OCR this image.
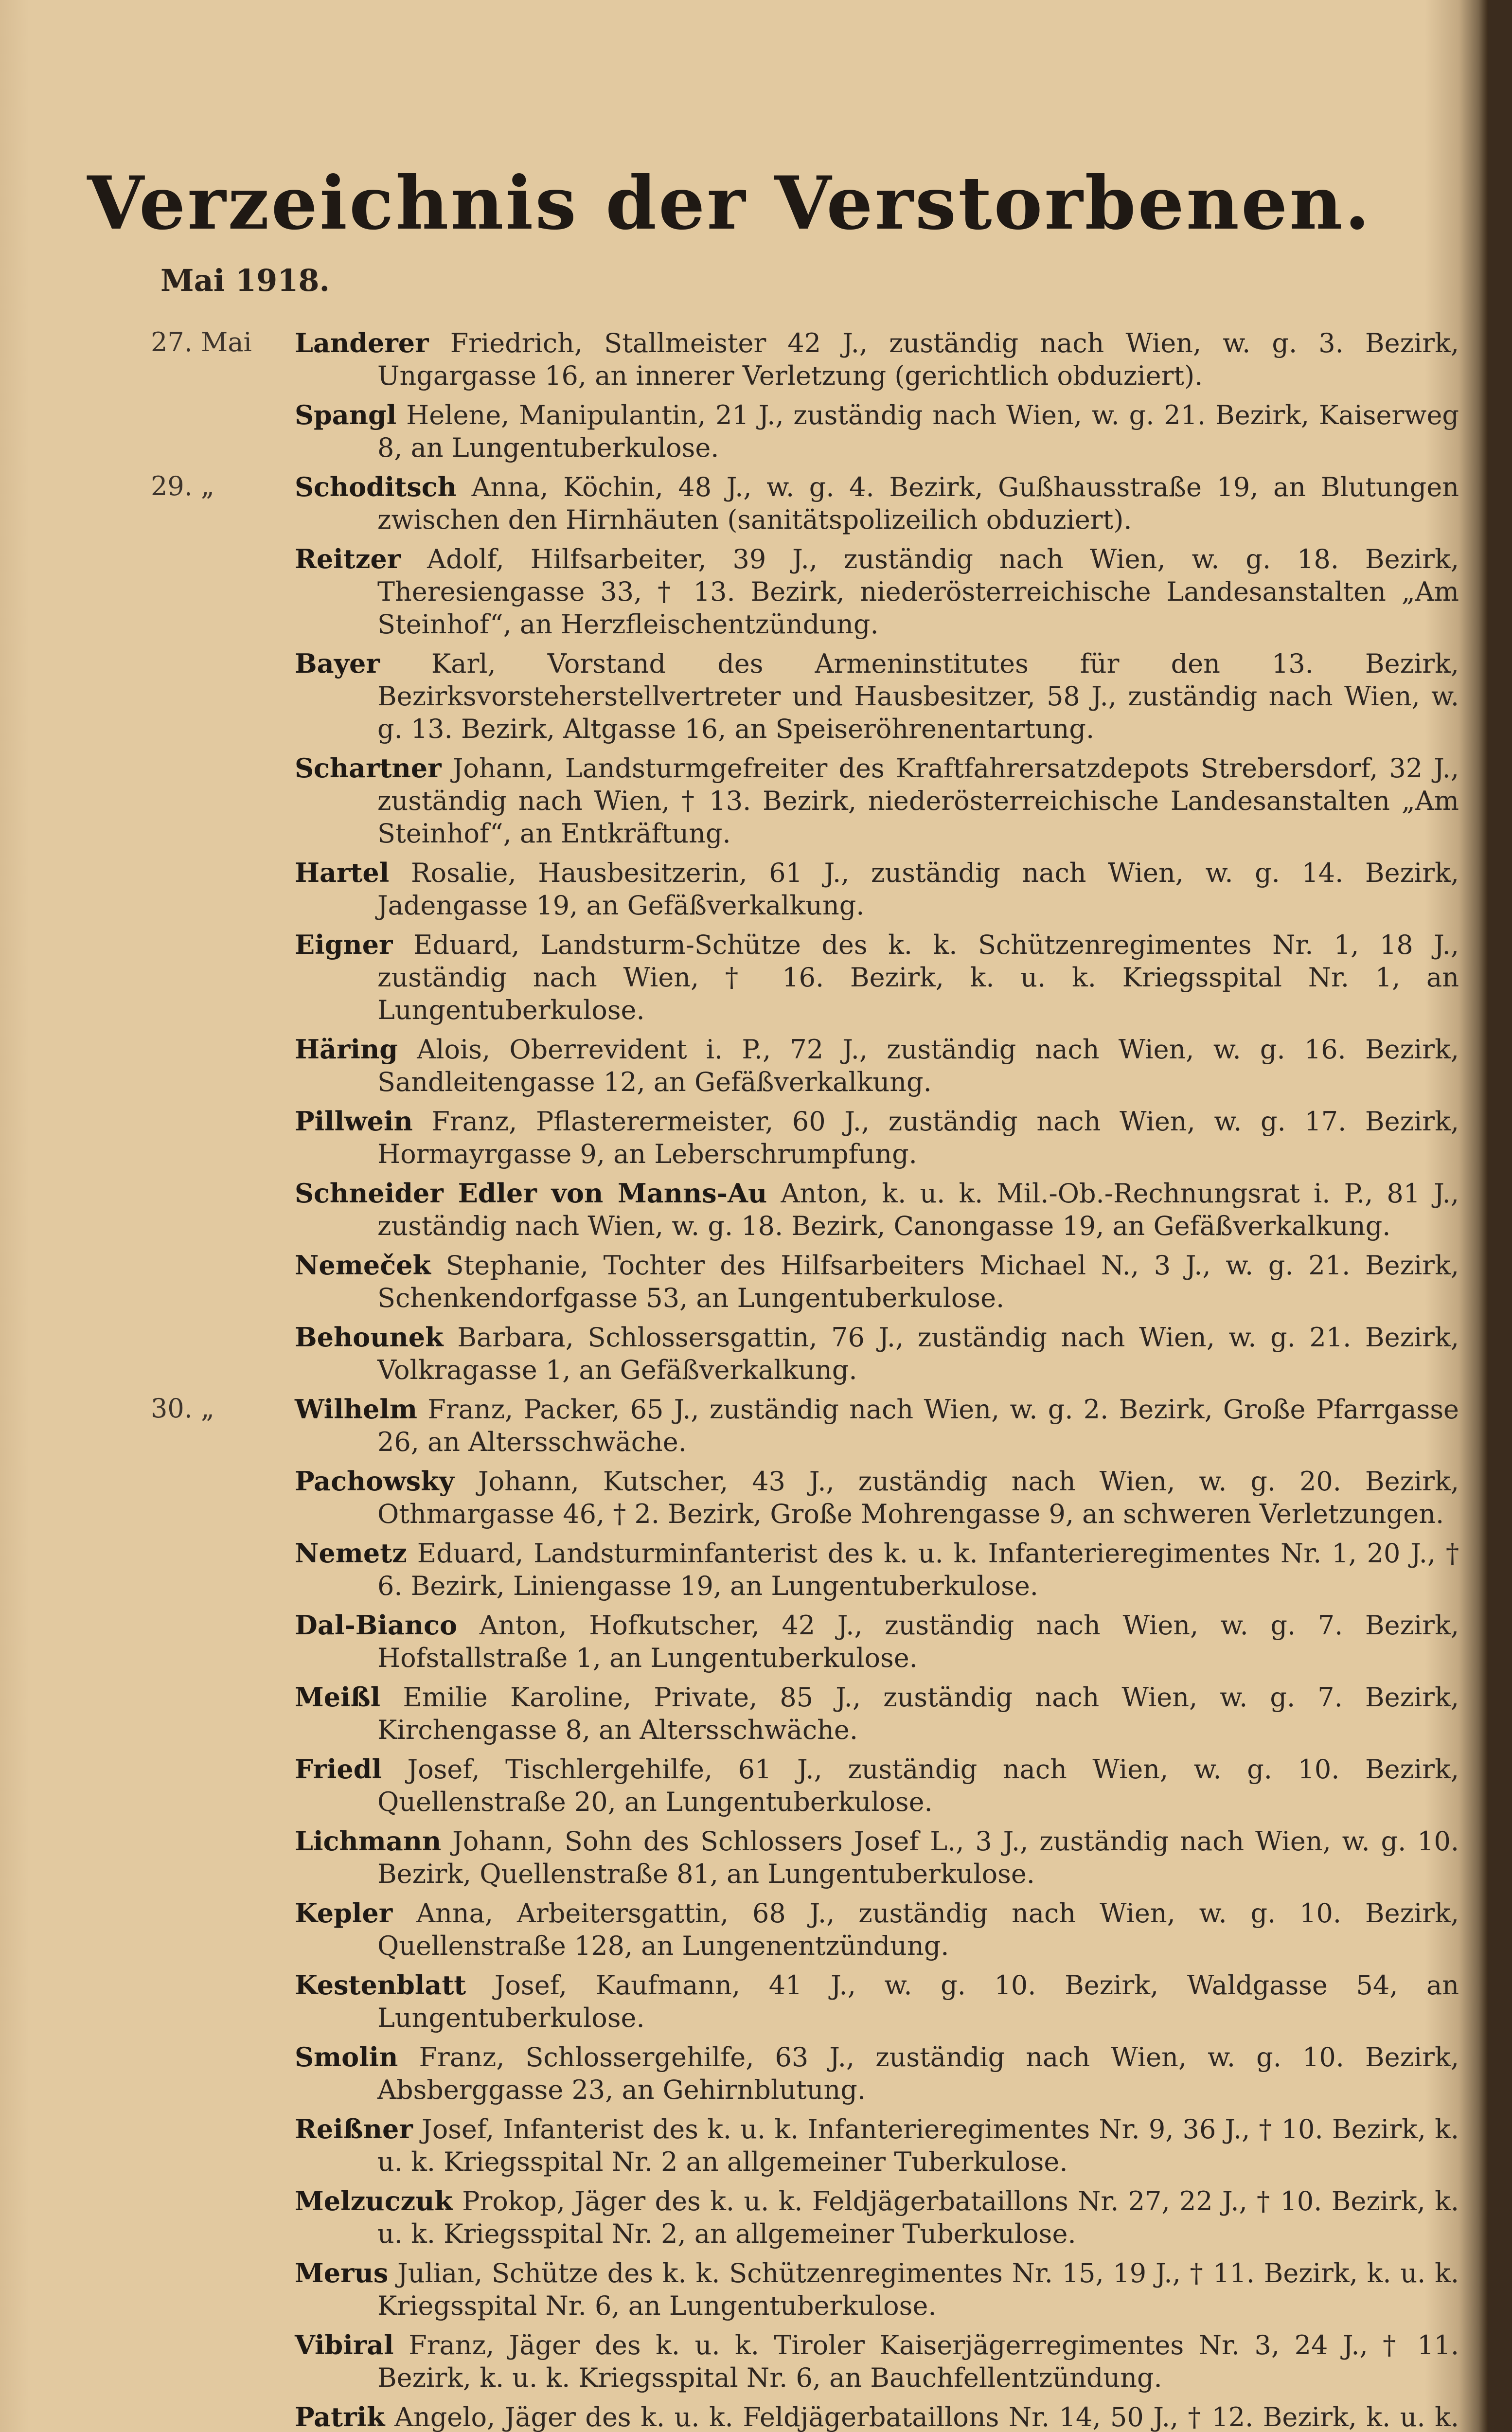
Verzeichnis der Verstorbenen.
Mai 1918.
27. Mai	Landerer Friedrich, Stallmeister 42 J., zuständig nach Wien, w. g. 3. Bezirk, Ungargasse 16, an innerer Verletzung (gerichtlich obduziert).
Spangl Helene, Manipulantin, 21 J., zuständig nach Wien, w. g. 21. Bezirk, Kaiserweg 8, an Lungentuberkulose.
29. „	Schoditsch Anna, Köchin, 48 J., w. g. 4. Bezirk, Gußhausstraße 19, an Blutungen zwischen den Hirnhäuten (sanitätspolizeilich obduziert).
Reitzer Adolf, Hilfsarbeiter, 39 J., zuständig nach Wien, w. g. 18. Bezirk, Theresiengasse 33, † 13. Bezirk, niederösterreichische Landesanstalten „Am Steinhof“, an Herzfleischentzündung.
Bayer Karl, Vorstand des Armeninstitutes für den 13. Bezirk, Bezirksvorsteherstellvertreter und Hausbesitzer, 58 J., zuständig nach Wien, w. g. 13. Bezirk, Altgasse 16, an Speiseröhrenentartung.
Schartner Johann, Landsturmgefreiter des Kraftfahrersatzdepots Strebersdorf, 32 J., zuständig nach Wien, † 13. Bezirk, niederösterreichische Landesanstalten „Am Steinhof“, an Entkräftung.
Hartel Rosalie, Hausbesitzerin, 61 J., zuständig nach Wien, w. g. 14. Bezirk, Jadengasse 19, an Gefäßverkalkung.
Eigner Eduard, Landsturm-Schütze des k. k. Schützenregimentes Nr. 1, 18 J., zuständig nach Wien, † 16. Bezirk, k. u. k. Kriegsspital Nr. 1, an Lungentuberkulose.
Häring Alois, Oberrevident i. P., 72 J., zuständig nach Wien, w. g. 16. Bezirk, Sandleitengasse 12, an Gefäßverkalkung.
Pillwein Franz, Pflasterermeister, 60 J., zuständig nach Wien, w. g. 17. Bezirk, Hormayrgasse 9, an Leberschrumpfung.
Schneider Edler von Manns-Au Anton, k. u. k. Mil.-Ob.-Rechnungsrat i. P., 81 J., zuständig nach Wien, w. g. 18. Bezirk, Canongasse 19, an Gefäßverkalkung.
Nemeček Stephanie, Tochter des Hilfsarbeiters Michael N., 3 J., w. g. 21. Bezirk, Schenkendorfgasse 53, an Lungentuberkulose.
Behounek Barbara, Schlossersgattin, 76 J., zuständig nach Wien, w. g. 21. Bezirk, Volkragasse 1, an Gefäßverkalkung.
30. „	Wilhelm Franz, Packer, 65 J., zuständig nach Wien, w. g. 2. Bezirk, Große Pfarrgasse 26, an Altersschwäche.
Pachowsky Johann, Kutscher, 43 J., zuständig nach Wien, w. g. 20. Bezirk, Othmargasse 46, † 2. Bezirk, Große Mohrengasse 9, an schweren Verletzungen.
Nemetz Eduard, Landsturminfanterist des k. u. k. Infanterieregimentes Nr. 1, 20 J., † 6. Bezirk, Liniengasse 19, an Lungentuberkulose.
Dal-Bianco Anton, Hofkutscher, 42 J., zuständig nach Wien, w. g. 7. Bezirk, Hofstallstraße 1, an Lungentuberkulose.
Meißl Emilie Karoline, Private, 85 J., zuständig nach Wien, w. g. 7. Bezirk, Kirchengasse 8, an Altersschwäche.
Friedl Josef, Tischlergehilfe, 61 J., zuständig nach Wien, w. g. 10. Bezirk, Quellenstraße 20, an Lungentuberkulose.
Lichmann Johann, Sohn des Schlossers Josef L., 3 J., zuständig nach Wien, w. g. 10. Bezirk, Quellenstraße 81, an Lungentuberkulose.
Kepler Anna, Arbeitersgattin, 68 J., zuständig nach Wien, w. g. 10. Bezirk, Quellenstraße 128, an Lungenentzündung.
Kestenblatt Josef, Kaufmann, 41 J., w. g. 10. Bezirk, Waldgasse 54, an Lungentuberkulose.
Smolin Franz, Schlossergehilfe, 63 J., zuständig nach Wien, w. g. 10. Bezirk, Absberggasse 23, an Gehirnblutung.
Reißner Josef, Infanterist des k. u. k. Infanterieregimentes Nr. 9, 36 J., † 10. Bezirk, k. u. k. Kriegsspital Nr. 2 an allgemeiner Tuberkulose.
Melzuczuk Prokop, Jäger des k. u. k. Feldjägerbataillons Nr. 27, 22 J., † 10. Bezirk, k. u. k. Kriegsspital Nr. 2, an allgemeiner Tuberkulose.
Merus Julian, Schütze des k. k. Schützenregimentes Nr. 15, 19 J., † 11. Bezirk, k. u. k. Kriegsspital Nr. 6, an Lungentuberkulose.
Vibiral Franz, Jäger des k. u. k. Tiroler Kaiserjägerregimentes Nr. 3, 24 J., † 11. Bezirk, k. u. k. Kriegsspital Nr. 6, an Bauchfellentzündung.
Patrik Angelo, Jäger des k. u. k. Feldjägerbataillons Nr. 14, 50 J., † 12. Bezirk, k. u. k.
